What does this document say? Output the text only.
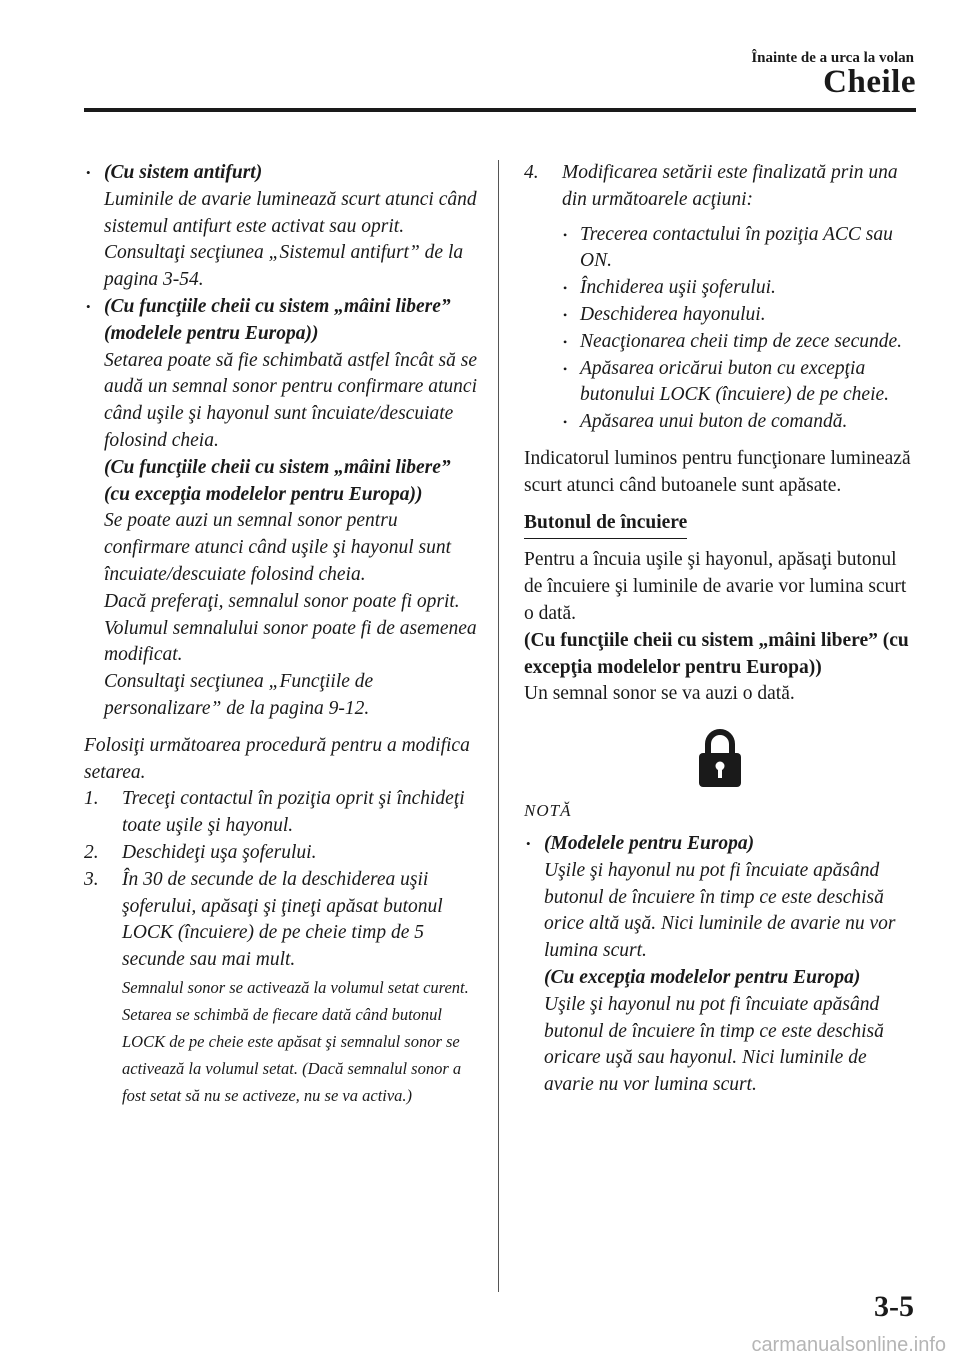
Înainte de a urca la volan
Cheile
• (Cu sistem antifurt)
Luminile de avarie luminează scurt atunci când sistemul antifurt este activat sau oprit.
Consultaţi secţiunea „Sistemul antifurt” de la pagina 3-54.
• (Cu funcţiile cheii cu sistem „mâini libere” (modelele pentru Europa))
Setarea poate să fie schimbată astfel încât să se audă un semnal sonor pentru confirmare atunci când uşile şi hayonul sunt încuiate/descuiate folosind cheia.
(Cu funcţiile cheii cu sistem „mâini libere” (cu excepţia modelelor pentru Europa))
Se poate auzi un semnal sonor pentru confirmare atunci când uşile şi hayonul sunt încuiate/descuiate folosind cheia.
Dacă preferaţi, semnalul sonor poate fi oprit.
Volumul semnalului sonor poate fi de asemenea modificat.
Consultaţi secţiunea „Funcţiile de personalizare” de la pagina 9-12.
Folosiţi următoarea procedură pentru a modifica setarea.
1. Treceţi contactul în poziţia oprit şi închideţi toate uşile şi hayonul.
2. Deschideţi uşa şoferului.
3. În 30 de secunde de la deschiderea uşii şoferului, apăsaţi şi ţineţi apăsat butonul LOCK (încuiere) de pe cheie timp de 5 secunde sau mai mult.
Semnalul sonor se activează la volumul setat curent. Setarea se schimbă de fiecare dată când butonul LOCK de pe cheie este apăsat şi semnalul sonor se activează la volumul setat. (Dacă semnalul sonor a fost setat să nu se activeze, nu se va activa.)
4. Modificarea setării este finalizată prin una din următoarele acţiuni:
• Trecerea contactului în poziţia ACC sau ON.
• Închiderea uşii şoferului.
• Deschiderea hayonului.
• Neacţionarea cheii timp de zece secunde.
• Apăsarea oricărui buton cu excepţia butonului LOCK (încuiere) de pe cheie.
• Apăsarea unui buton de comandă.
Indicatorul luminos pentru funcţionare luminează scurt atunci când butoanele sunt apăsate.
Butonul de încuiere
Pentru a încuia uşile şi hayonul, apăsaţi butonul de încuiere şi luminile de avarie vor lumina scurt o dată.
(Cu funcţiile cheii cu sistem „mâini libere” (cu excepţia modelelor pentru Europa))
Un semnal sonor se va auzi o dată.
NOTĂ
• (Modelele pentru Europa)
Uşile şi hayonul nu pot fi încuiate apăsând butonul de încuiere în timp ce este deschisă orice altă uşă. Nici luminile de avarie nu vor lumina scurt.
(Cu excepţia modelelor pentru Europa)
Uşile şi hayonul nu pot fi încuiate apăsând butonul de încuiere în timp ce este deschisă oricare uşă sau hayonul. Nici luminile de avarie nu vor lumina scurt.
3-5
carmanualsonline.info
